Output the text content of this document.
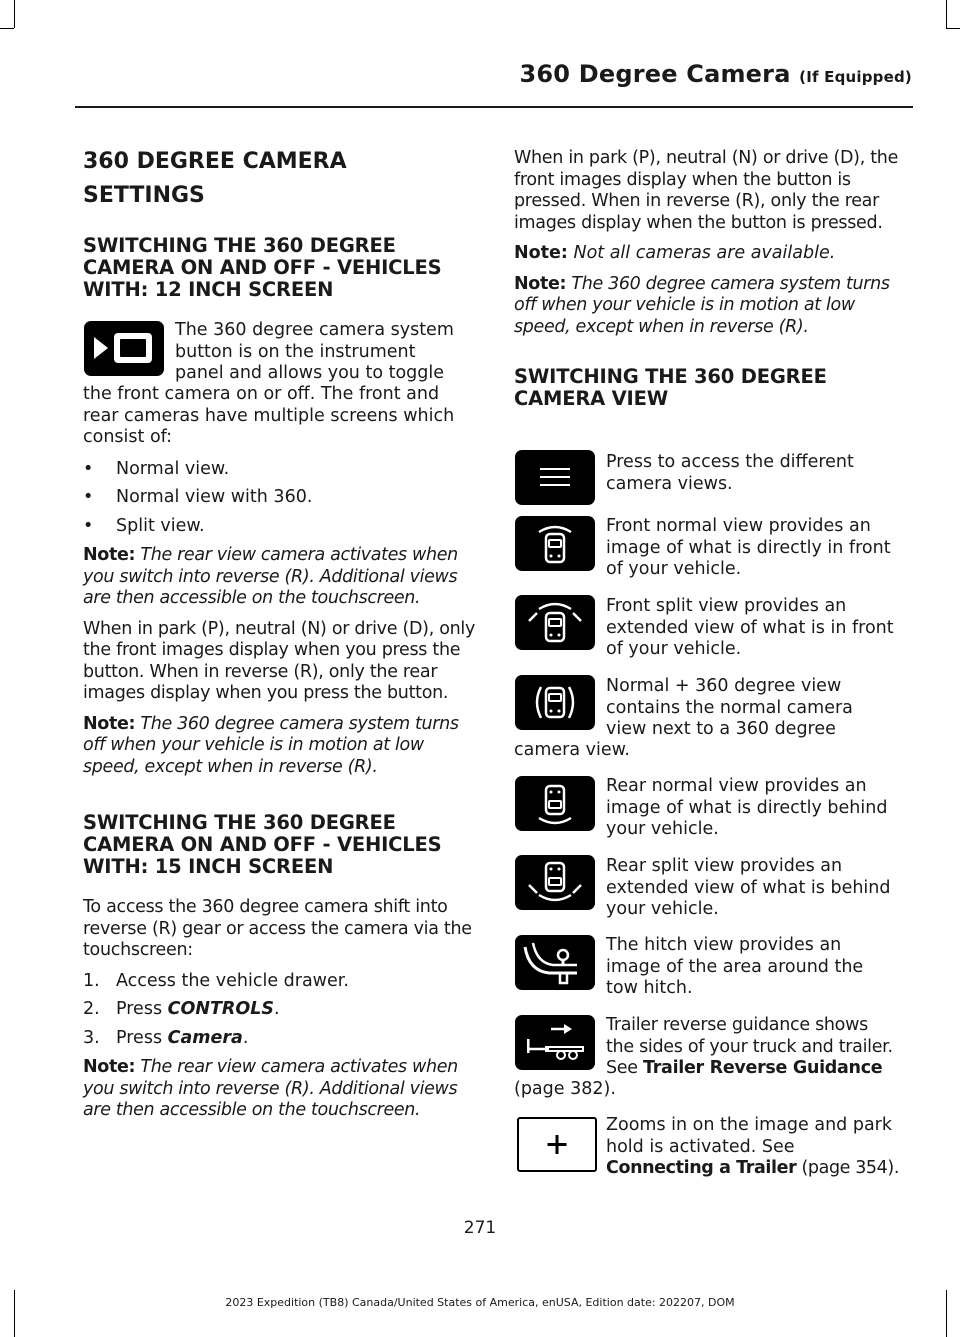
360 Degree Camera (If Equipped)
360 DEGREE CAMERA
SETTINGS
SWITCHING THE 360 DEGREE
CAMERA ON AND OFF - VEHICLES
WITH: 12 INCH SCREEN
The 360 degree camera system
button is on the instrument
panel and allows you to toggle
the front camera on or off. The front and
rear cameras have multiple screens which
consist of:
•	Normal view.
•	Normal view with 360.
•	Split view.

Note: The rear view camera activates when you switch into reverse (R). Additional views are then accessible on the touchscreen.

When in park (P), neutral (N) or drive (D), only the front images display when you press the button. When in reverse (R), only the rear images display when you press the button.

Note: The 360 degree camera system turns off when your vehicle is in motion at low speed, except when in reverse (R).

SWITCHING THE 360 DEGREE
CAMERA ON AND OFF - VEHICLES
WITH: 15 INCH SCREEN

To access the 360 degree camera shift into reverse (R) gear or access the camera via the touchscreen:

1. Access the vehicle drawer.
2. Press CONTROLS.
3. Press Camera.

Note: The rear view camera activates when you switch into reverse (R). Additional views are then accessible on the touchscreen.

When in park (P), neutral (N) or drive (D), the front images display when the button is pressed. When in reverse (R), only the rear images display when the button is pressed.

Note: Not all cameras are available.

Note: The 360 degree camera system turns off when your vehicle is in motion at low speed, except when in reverse (R).

SWITCHING THE 360 DEGREE
CAMERA VIEW
Press to access the different
camera views.
Front normal view provides an
image of what is directly in front
of your vehicle.
Front split view provides an
extended view of what is in front
of your vehicle.
Normal + 360 degree view
contains the normal camera
view next to a 360 degree
camera view.
Rear normal view provides an
image of what is directly behind
your vehicle.
Rear split view provides an
extended view of what is behind
your vehicle.
The hitch view provides an
image of the area around the
tow hitch.
Trailer reverse guidance shows
the sides of your truck and trailer.
See Trailer Reverse Guidance
(page 382).
Zooms in on the image and park
hold is activated. See
Connecting a Trailer (page 354).
271
2023 Expedition (TB8) Canada/United States of America, enUSA, Edition date: 202207, DOM
